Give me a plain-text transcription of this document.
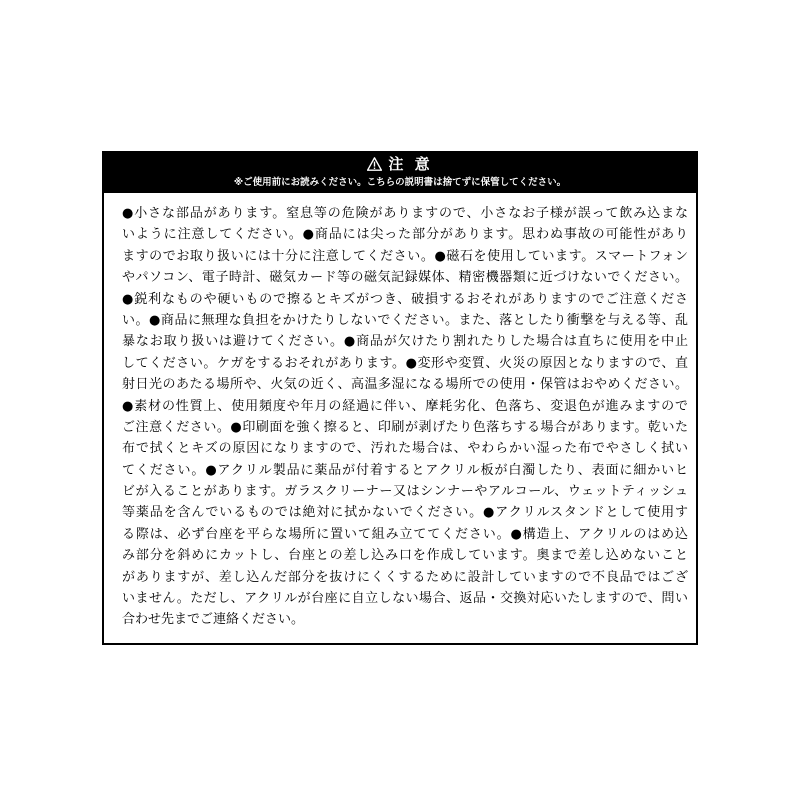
注 意
※ご使用前にお読みください。こちらの説明書は捨てずに保管してください。
●小さな部品があります。窒息等の危険がありますので、小さなお子様が誤って飲み込まな
いように注意してください。●商品には尖った部分があります。思わぬ事故の可能性があり
ますのでお取り扱いには十分に注意してください。●磁石を使用しています。スマートフォン
やパソコン、電子時計、磁気カード等の磁気記録媒体、精密機器類に近づけないでください。
●鋭利なものや硬いもので擦るとキズがつき、破損するおそれがありますのでご注意くださ
い。●商品に無理な負担をかけたりしないでください。また、落としたり衝撃を与える等、乱
暴なお取り扱いは避けてください。●商品が欠けたり割れたりした場合は直ちに使用を中止
してください。ケガをするおそれがあります。●変形や変質、火災の原因となりますので、直
射日光のあたる場所や、火気の近く、高温多湿になる場所での使用・保管はおやめください。
●素材の性質上、使用頻度や年月の経過に伴い、摩耗劣化、色落ち、変退色が進みますので
ご注意ください。●印刷面を強く擦ると、印刷が剥げたり色落ちする場合があります。乾いた
布で拭くとキズの原因になりますので、汚れた場合は、やわらかい湿った布でやさしく拭い
てください。●アクリル製品に薬品が付着するとアクリル板が白濁したり、表面に細かいヒ
ビが入ることがあります。ガラスクリーナー又はシンナーやアルコール、ウェットティッシュ
等薬品を含んでいるものでは絶対に拭かないでください。●アクリルスタンドとして使用す
る際は、必ず台座を平らな場所に置いて組み立ててください。●構造上、アクリルのはめ込
み部分を斜めにカットし、台座との差し込み口を作成しています。奥まで差し込めないこと
がありますが、差し込んだ部分を抜けにくくするために設計していますので不良品ではござ
いません。ただし、アクリルが台座に自立しない場合、返品・交換対応いたしますので、問い
合わせ先までご連絡ください。
